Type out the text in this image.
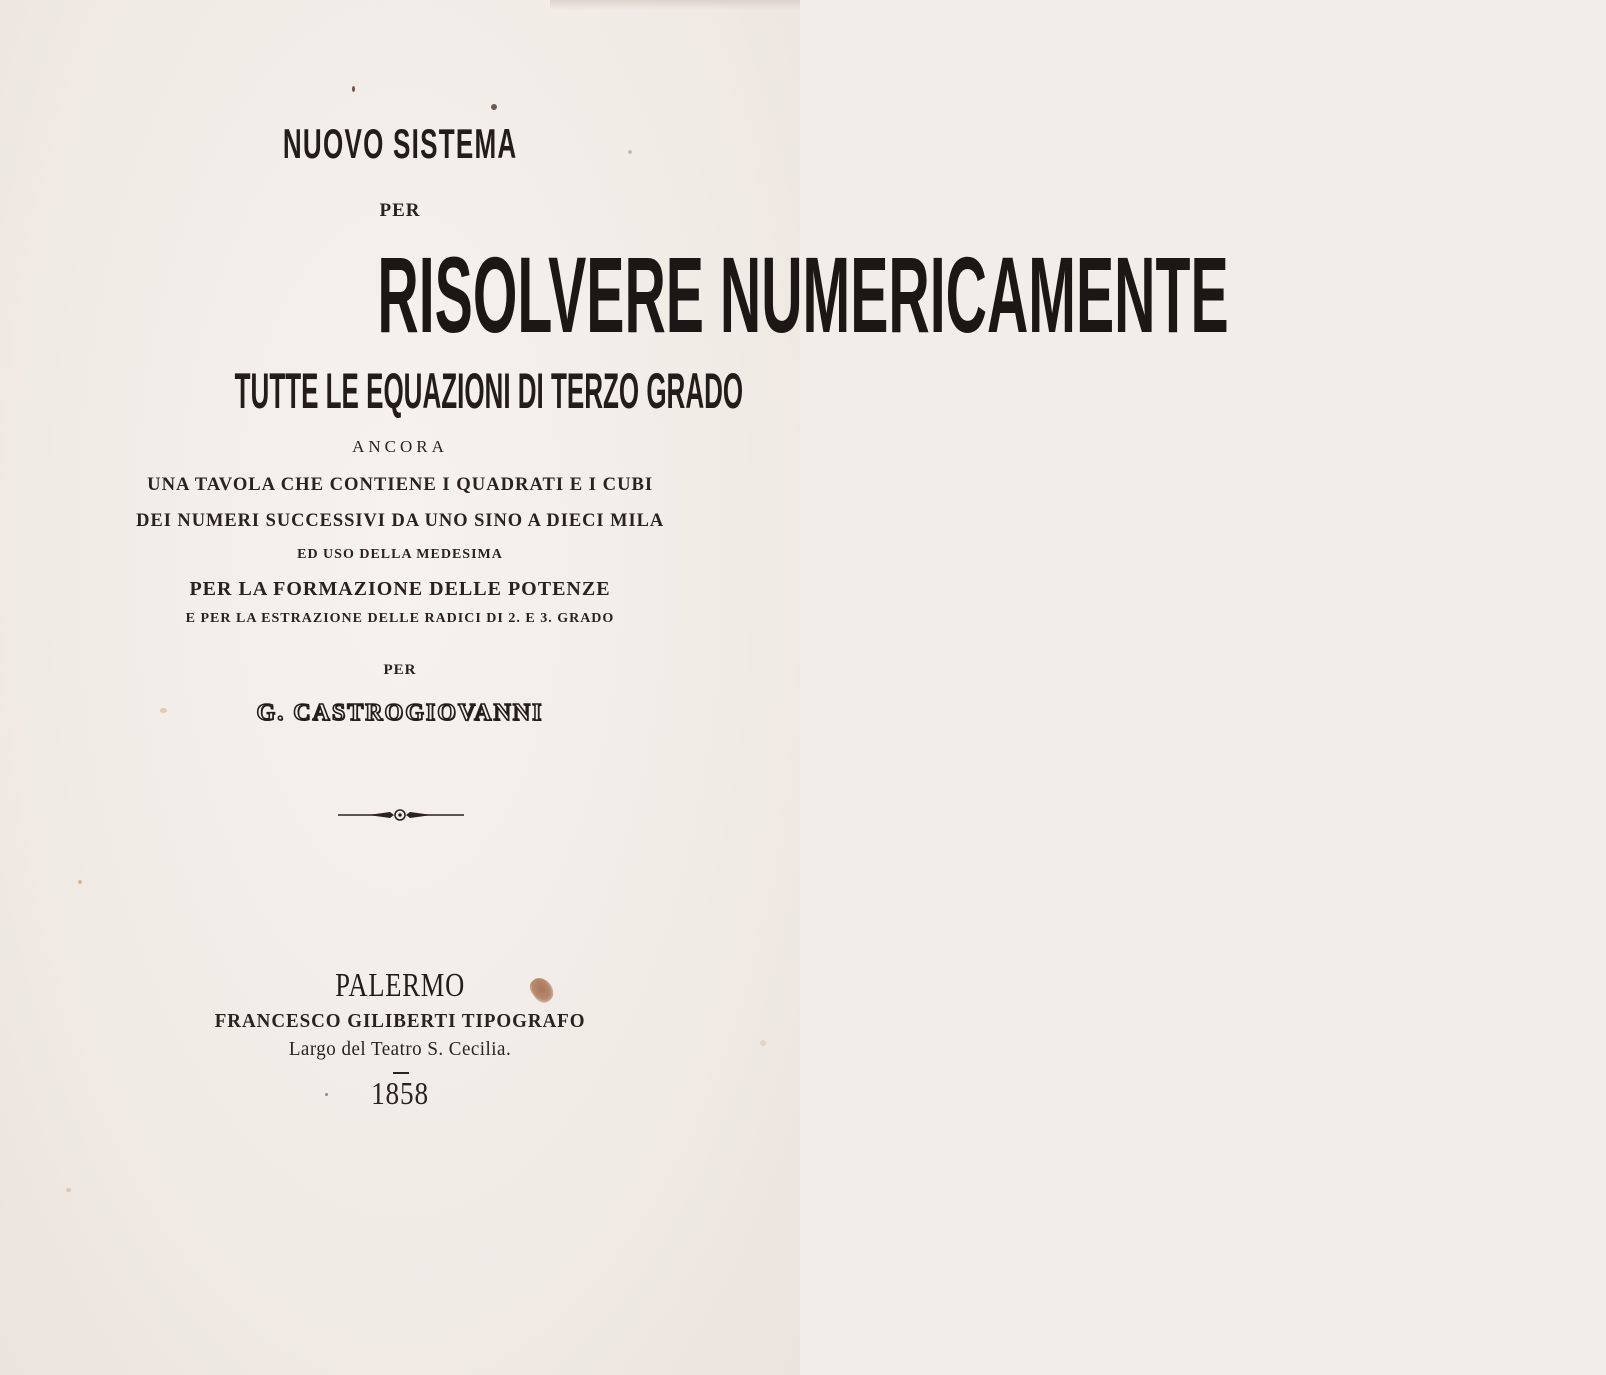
NUOVO SISTEMA
PER
RISOLVERE NUMERICAMENTE
TUTTE LE EQUAZIONI DI TERZO GRADO
ANCORA
UNA TAVOLA CHE CONTIENE I QUADRATI E I CUBI
DEI NUMERI SUCCESSIVI DA UNO SINO A DIECI MILA
ED USO DELLA MEDESIMA
PER LA FORMAZIONE DELLE POTENZE
E PER LA ESTRAZIONE DELLE RADICI DI 2. E 3. GRADO
PER
G. CASTROGIOVANNI
PALERMO
FRANCESCO GILIBERTI TIPOGRAFO
Largo del Teatro S. Cecilia.
1858
